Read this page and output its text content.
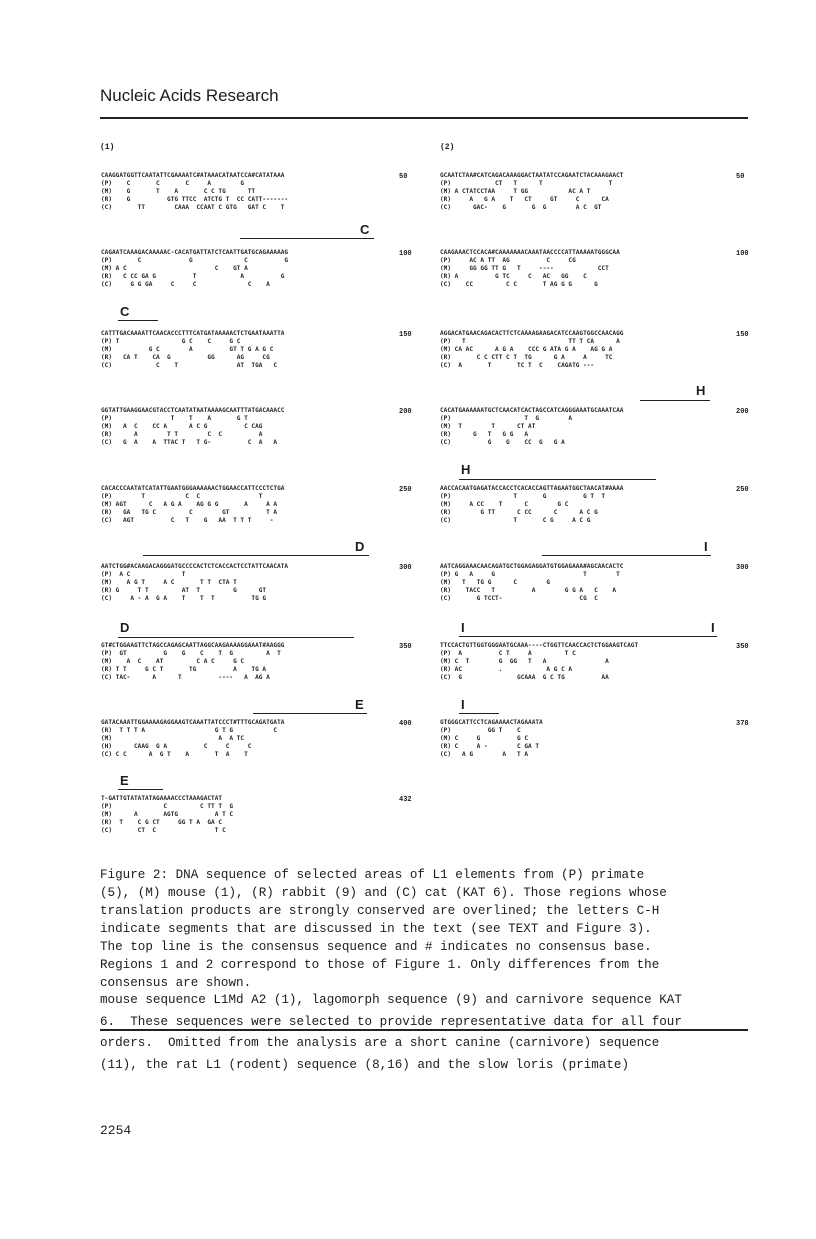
Nucleic Acids Research
(1)	(2)
CAAGGATGGTTCAATATTCGAAAATC#ATAAACATAATCCA#CATATAAA
(P)    C       C       C     A        G
(M)    G       T    A       C C TG      TT
(R)    G          GTG TTCC  ATCTG T  CC CATT-------
(C)       TT        CAAA  CCAAT C GTG   GAT C    T
50
CAGAATCAAAGACAAAAAC-CACATGATTATCTCAATTGATGCAGAAAAAG
(P)       C             G              C          G
(M) A C                        C    GT A
(R)   C CC GA G          T            A          G
(C)     G G GA     C     C              C    A
100
CATTTGACAAAATTCAACACCCTTTCATGATAAAAACTCTGAATAAATTA
(P) T                 G C    C     G C
(M)          G C        A          GT T G A G C
(R)   CA T    CA  G          GG      AG     CG
(C)            C    T                AT  TGA   C
150
GGTATTGAAGGAACGTACCTCAATATAATAAAAGCAATTTATGACAAACC
(P)                T    T    A       G T
(M)   A  C    CC A      A C G          C CAG
(R)      A        T T        C  C          A
(C)   G  A    A  TTAC T   T G-          C  A   A
200
CACACCCAATATCATATTGAATGGGAAAAAACTGGAACCATTCCCTCTGA
(P)        T           C  C                T
(M) AGT      C   A G A    AG G G       A     A A
(R)   GA   TG C         C        GT          T A
(C)   AGT          C   T    G   AA  T T T     -
250
AATCTGG#ACAAGACAGGGATGCCCCACTCTCACCACTCCTATTCAACATA
(P)  A C              T
(M)    A G T     A C       T T  CTA T
(R) G     T T         AT  T         G      GT
(C)     A - A  G A    T    T  T          TG G
300
GT#CTGGAAGTTCTAGCCAGAGCAATTAGGCAAGAAAAGGAAAT#AAGGG
(P)  GT          G    G    C    T  G         A  T
(M)    A  C    AT         C A C     G C
(R) T T     G C T       TG          A    TG A
(C) TAC-      A      T          ----   A  AG A
350
GATACAAATTGGAAAAGAGGAAGTCAAATTATCCCT#TTTGCAGATGATA
(R)  T T T A                   G T G           C
(M)                             A  A TC
(H)      CAAG  G A          C     C     C
(C) C C      A  G T    A       T  A    T
400
T-GATTGTATATATAGAAAACCCTAAAGACTAT
(P)              C         C TT T  G
(M)      A       AGTG          A T C
(R)  T    C G CT     GG T A  GA C
(C)       CT  C                T C
432
GCAATCTAA#CATCAGACAAAGGACTAATATCCAGAATCTACAAAGAACT
(P)            CT   T      T                  T
(M) A CTATCCTAA     T GG           AC A T
(R)     A   G A    T   CT     GT     C      CA
(C)      GAC-    G       G  G        A C  GT
50
CAAGAAACTCCACA#CAAAAAAACAAATAACCCCATTAAAAATGGGCAA
(P)     AC A TT  AG          C     CG
(M)     GG GG TT G   T     ----            CCT
(R) A          G TC     C   AC   GG    C
(C)    CC         C C       T AG G G      G
100
AGGACATGAACAGACACTTCTCAAAAGAAGACATCCAAGTGGCCAACAGG
(P)   T                            TT T CA      A
(M) CA AC      A G A    CCC G ATA G A    AG G A
(R)       C C CTT C T  TG      G A     A     TC
(C)  A       T       TC T  C    CAGATG ---
150
CACATGAAAAAATGCTCAACATCACTAGCCATCAGGGAAATGCAAATCAA
(P)                    T  G        A
(M)  T        T      CT AT
(R)      G   T   G G   A
(C)          G    G    CC  G   G A
200
AACCACAATGAGATACCACCTCACACCAGTTAGAATGGCTAACAT#AAAA
(P)                 T       G          G T  T
(M)     A CC    T      C        G C
(R)        G TT      C CC      C      A C G
(C)                 T       C G     A C G
250
AATCAGGAAACAACAGATGCTGGAGAGGATGTGGAGAAA#AGCAACACTC
(P) G   A     G                        T        T
(M)   T   TG G      C        G
(R)    TACC   T          A        G G A   C    A
(C)       G TCCT-                     CG  C
300
TTCCACTGTTGGTGGGAATGCAAA----CTGGTTCAACCACTCTGGAAGTCAGT
(P)  A          C T     A         T C
(M) C  T        G  GG   T   A                A
(R) AC          .            A G C A
(C)  G               GCAAA  G C TG          AA
350
GTGGGCATTCCTCAGAAAACTAGAAATA
(P)          GG T    C
(M) C     G          G C
(R) C     A -        C GA T
(C)   A G        A   T A
378
C
C
D
D
E
E
H
H
I
I	I
I
Figure 2: DNA sequence of selected areas of L1 elements from (P) primate
(5), (M) mouse (1), (R) rabbit (9) and (C) cat (KAT 6). Those regions whose
translation products are strongly conserved are overlined; the letters C-H
indicate segments that are discussed in the text (see TEXT and Figure 3).
The top line is the consensus sequence and # indicates no consensus base.
Regions 1 and 2 correspond to those of Figure 1. Only differences from the
consensus are shown.
mouse sequence L1Md A2 (1), lagomorph sequence (9) and carnivore sequence KAT
6.  These sequences were selected to provide representative data for all four
orders.  Omitted from the analysis are a short canine (carnivore) sequence
(11), the rat L1 (rodent) sequence (8,16) and the slow loris (primate)
2254
